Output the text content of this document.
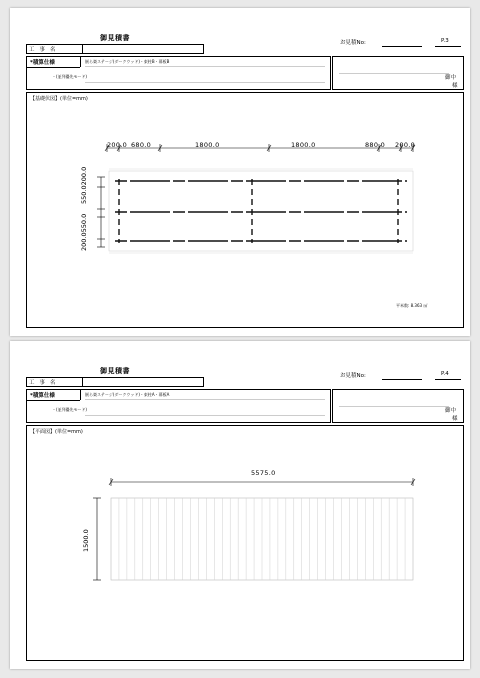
御見積書
工事名
お見積No:	P.3
*積算仕様	嵌ら楽ステージ(ダークウッド)・束柱B・幕板B
・(並列優先モード)	御中
様
【基礎伏図】(単位=mm)
200.0 680.0	1800.0	1800.0	880.0 200.0
550.0200.0
200.0550.0
平米数: 8.363 ㎡
御見積書
工事名
お見積No:	P.4
*積算仕様	嵌ら楽ステージ(ダークウッド)・束柱A・幕板A
・(並列優先モード)	御中
様
【平面図】(単位=mm)
5575.0
1500.0
